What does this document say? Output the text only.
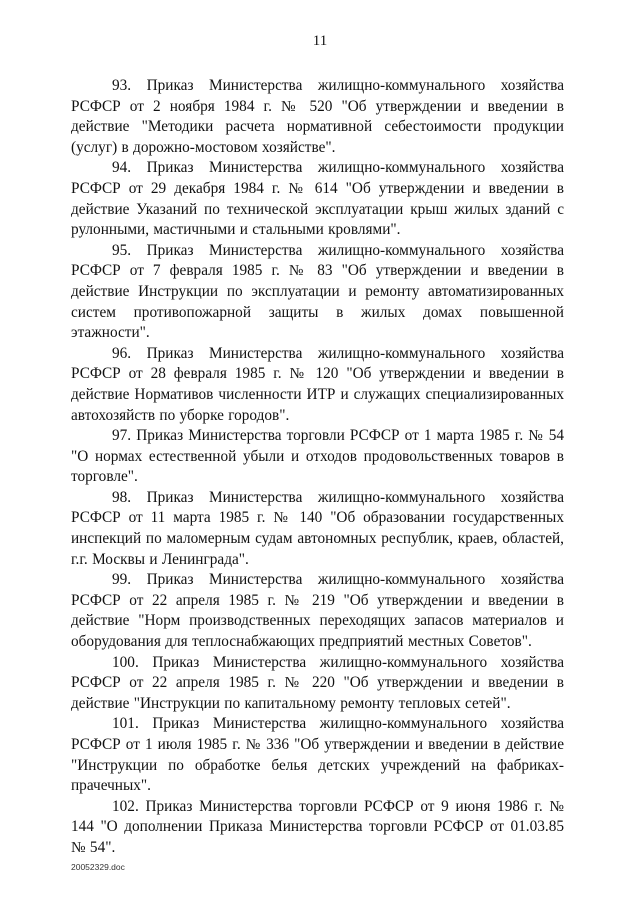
11

93. Приказ Министерства жилищно-коммунального хозяйства РСФСР от 2 ноября 1984 г. № 520 "Об утверждении и введении в действие "Методики расчета нормативной себестоимости продукции (услуг) в дорожно-мостовом хозяйстве".

94. Приказ Министерства жилищно-коммунального хозяйства РСФСР от 29 декабря 1984 г. № 614 "Об утверждении и введении в действие Указаний по технической эксплуатации крыш жилых зданий с рулонными, мастичными и стальными кровлями".

95. Приказ Министерства жилищно-коммунального хозяйства РСФСР от 7 февраля 1985 г. № 83 "Об утверждении и введении в действие Инструкции по эксплуатации и ремонту автоматизированных систем противопожарной защиты в жилых домах повышенной этажности".

96. Приказ Министерства жилищно-коммунального хозяйства РСФСР от 28 февраля 1985 г. № 120 "Об утверждении и введении в действие Нормативов численности ИТР и служащих специализированных автохозяйств по уборке городов".

97. Приказ Министерства торговли РСФСР от 1 марта 1985 г. № 54 "О нормах естественной убыли и отходов продовольственных товаров в торговле".

98. Приказ Министерства жилищно-коммунального хозяйства РСФСР от 11 марта 1985 г. № 140 "Об образовании государственных инспекций по маломерным судам автономных республик, краев, областей, г.г. Москвы и Ленинграда".

99. Приказ Министерства жилищно-коммунального хозяйства РСФСР от 22 апреля 1985 г. № 219 "Об утверждении и введении в действие "Норм производственных переходящих запасов материалов и оборудования для теплоснабжающих предприятий местных Советов".

100. Приказ Министерства жилищно-коммунального хозяйства РСФСР от 22 апреля 1985 г. № 220 "Об утверждении и введении в действие "Инструкции по капитальному ремонту тепловых сетей".

101. Приказ Министерства жилищно-коммунального хозяйства РСФСР от 1 июля 1985 г. № 336 "Об утверждении и введении в действие "Инструкции по обработке белья детских учреждений на фабриках-прачечных".

102. Приказ Министерства торговли РСФСР от 9 июня 1986 г. № 144 "О дополнении Приказа Министерства торговли РСФСР от 01.03.85 № 54".

20052329.doc
